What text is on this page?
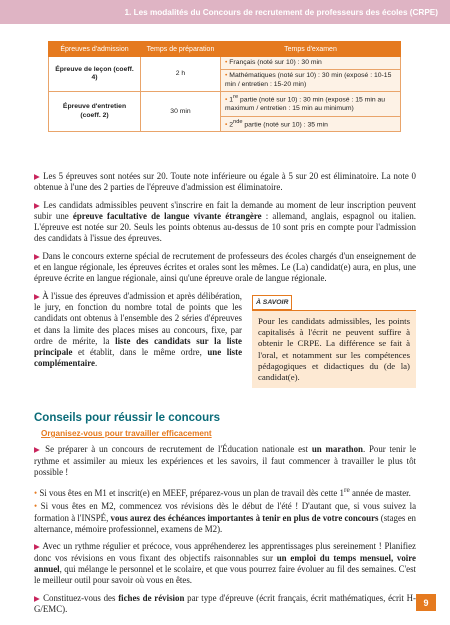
1. Les modalités du Concours de recrutement de professeurs des écoles (CRPE)
Épreuves d'admission	Temps de préparation	Temps d'examen
Épreuve de leçon (coeff. 4)	2 h	• Français (noté sur 10) : 30 min
		• Mathématiques (noté sur 10) : 30 min (exposé : 10-15 min / entretien : 15-20 min)
Épreuve d'entretien (coeff. 2)	30 min	• 1re partie (noté sur 10) : 30 min (exposé : 15 min au maximum / entretien : 15 min au minimum)
		• 2nde partie (noté sur 10) : 35 min

▶ Les 5 épreuves sont notées sur 20. Toute note inférieure ou égale à 5 sur 20 est éliminatoire. La note 0 obtenue à l'une des 2 parties de l'épreuve d'admission est éliminatoire.

▶ Les candidats admissibles peuvent s'inscrire en fait la demande au moment de leur inscription peuvent subir une épreuve facultative de langue vivante étrangère : allemand, anglais, espagnol ou italien. L'épreuve est notée sur 20. Seuls les points obtenus au-dessus de 10 sont pris en compte pour l'admission des candidats à l'issue des épreuves.

▶ Dans le concours externe spécial de recrutement de professeurs des écoles chargés d'un enseignement de et en langue régionale, les épreuves écrites et orales sont les mêmes. Le (La) candidat(e) aura, en plus, une épreuve écrite en langue régionale, ainsi qu'une épreuve orale de langue régionale.

▶ À l'issue des épreuves d'admission et après délibération, le jury, en fonction du nombre total de points que les candidats ont obtenus à l'ensemble des 2 séries d'épreuves et dans la limite des places mises au concours, fixe, par ordre de mérite, la liste des candidats sur la liste principale et établit, dans le même ordre, une liste complémentaire.

À SAVOIR
Pour les candidats admissibles, les points capitalisés à l'écrit ne peuvent suffire à obtenir le CRPE. La différence se fait à l'oral, et notamment sur les compétences pédagogiques et didactiques du (de la) candidat(e).
Conseils pour réussir le concours
Organisez-vous pour travailler efficacement

▶ Se préparer à un concours de recrutement de l'Éducation nationale est un marathon. Pour tenir le rythme et assimiler au mieux les expériences et les savoirs, il faut commencer à travailler le plus tôt possible !

• Si vous êtes en M1 et inscrit(e) en MEEF, préparez-vous un plan de travail dès cette 1re année de master.

• Si vous êtes en M2, commencez vos révisions dès le début de l'été ! D'autant que, si vous suivez la formation à l'INSPÉ, vous aurez des échéances importantes à tenir en plus de votre concours (stages en alternance, mémoire professionnel, examens de M2).

▶ Avec un rythme régulier et précoce, vous appréhenderez les apprentissages plus sereinement ! Planifiez donc vos révisions en vous fixant des objectifs raisonnables sur un emploi du temps mensuel, voire annuel, qui mélange le personnel et le scolaire, et que vous pourrez faire évoluer au fil des semaines. C'est le meilleur outil pour savoir où vous en êtes.

▶ Constituez-vous des fiches de révision par type d'épreuve (écrit français, écrit mathématiques, écrit H-G/EMC).

9
